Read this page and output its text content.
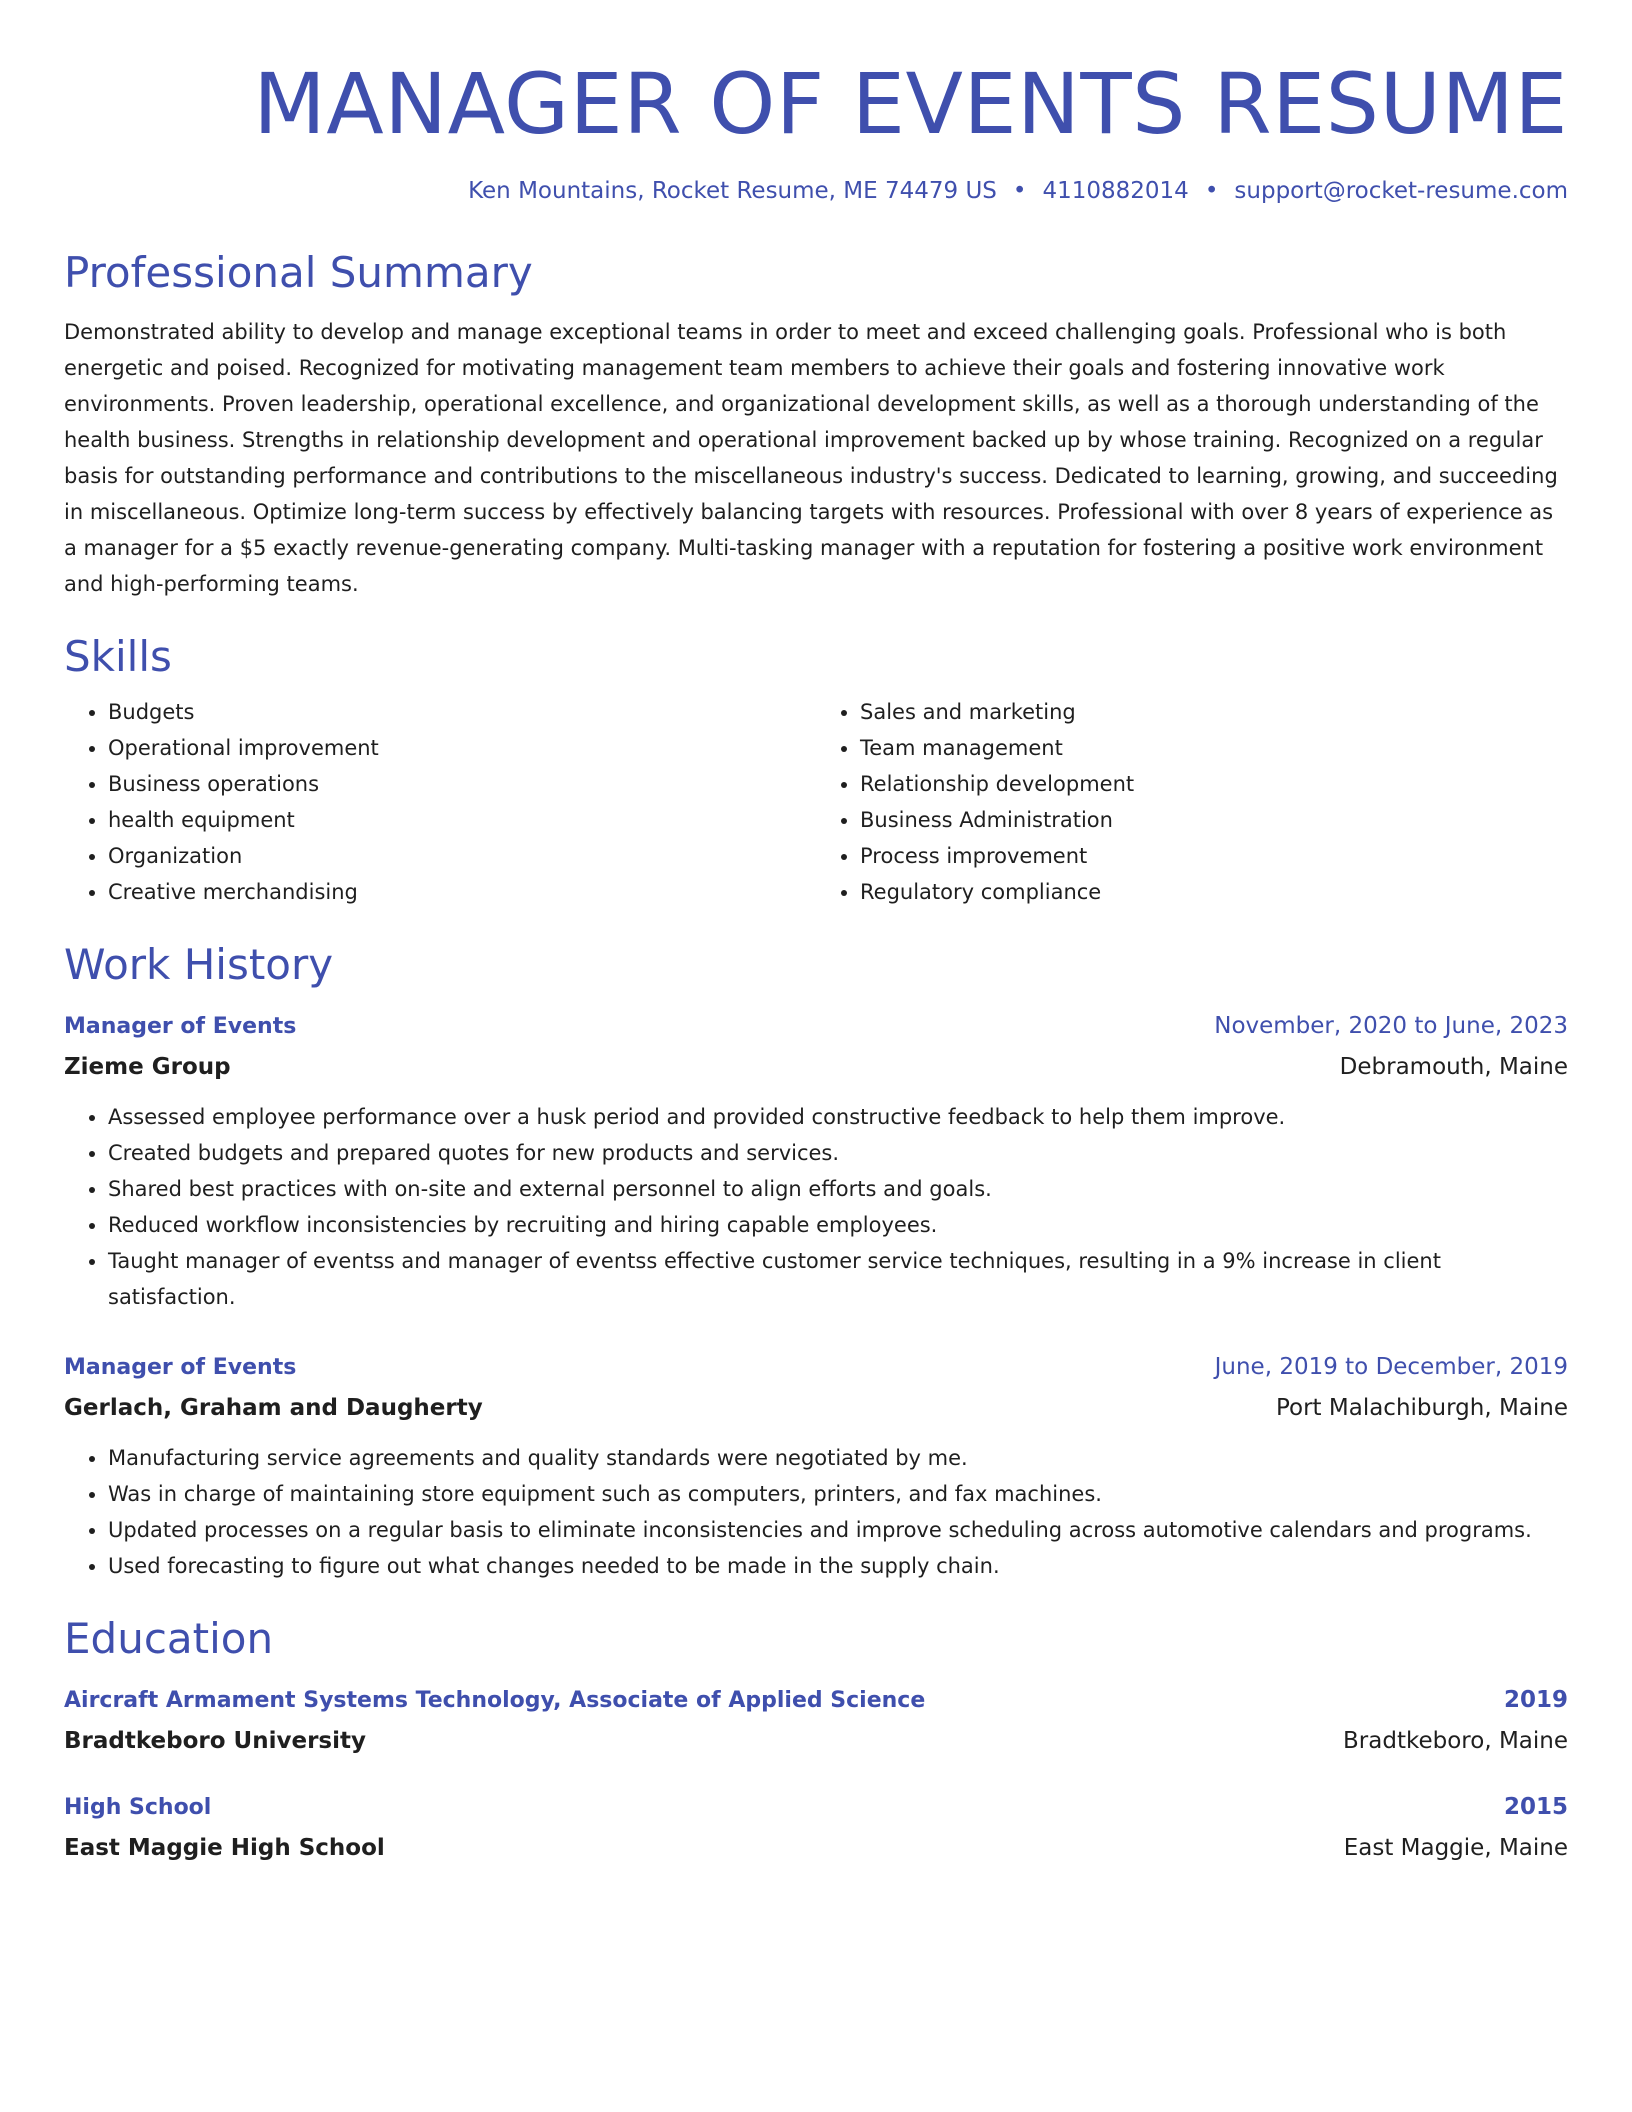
MANAGER OF EVENTS RESUME
Ken Mountains, Rocket Resume, ME 74479 US • 4110882014 • support@rocket-resume.com
Professional Summary

Demonstrated ability to develop and manage exceptional teams in order to meet and exceed challenging goals. Professional who is both energetic and poised. Recognized for motivating management team members to achieve their goals and fostering innovative work environments. Proven leadership, operational excellence, and organizational development skills, as well as a thorough understanding of the health business. Strengths in relationship development and operational improvement backed up by whose training. Recognized on a regular basis for outstanding performance and contributions to the miscellaneous industry's success. Dedicated to learning, growing, and succeeding in miscellaneous. Optimize long-term success by effectively balancing targets with resources. Professional with over 8 years of experience as a manager for a $5 exactly revenue-generating company. Multi-tasking manager with a reputation for fostering a positive work environment and high-performing teams.

Skills
• Budgets
• Operational improvement
• Business operations
• health equipment
• Organization
• Creative merchandising
• Sales and marketing
• Team management
• Relationship development
• Business Administration
• Process improvement
• Regulatory compliance
Work History
Manager of Events	November, 2020 to June, 2023
Zieme Group	Debramouth, Maine
• Assessed employee performance over a husk period and provided constructive feedback to help them improve.
• Created budgets and prepared quotes for new products and services.
• Shared best practices with on-site and external personnel to align efforts and goals.
• Reduced workflow inconsistencies by recruiting and hiring capable employees.
• Taught manager of eventss and manager of eventss effective customer service techniques, resulting in a 9% increase in client satisfaction.
Manager of Events	June, 2019 to December, 2019
Gerlach, Graham and Daugherty	Port Malachiburgh, Maine
• Manufacturing service agreements and quality standards were negotiated by me.
• Was in charge of maintaining store equipment such as computers, printers, and fax machines.
• Updated processes on a regular basis to eliminate inconsistencies and improve scheduling across automotive calendars and programs.
• Used forecasting to figure out what changes needed to be made in the supply chain.
Education
Aircraft Armament Systems Technology, Associate of Applied Science	2019
Bradtkeboro University	Bradtkeboro, Maine
High School	2015
East Maggie High School	East Maggie, Maine
